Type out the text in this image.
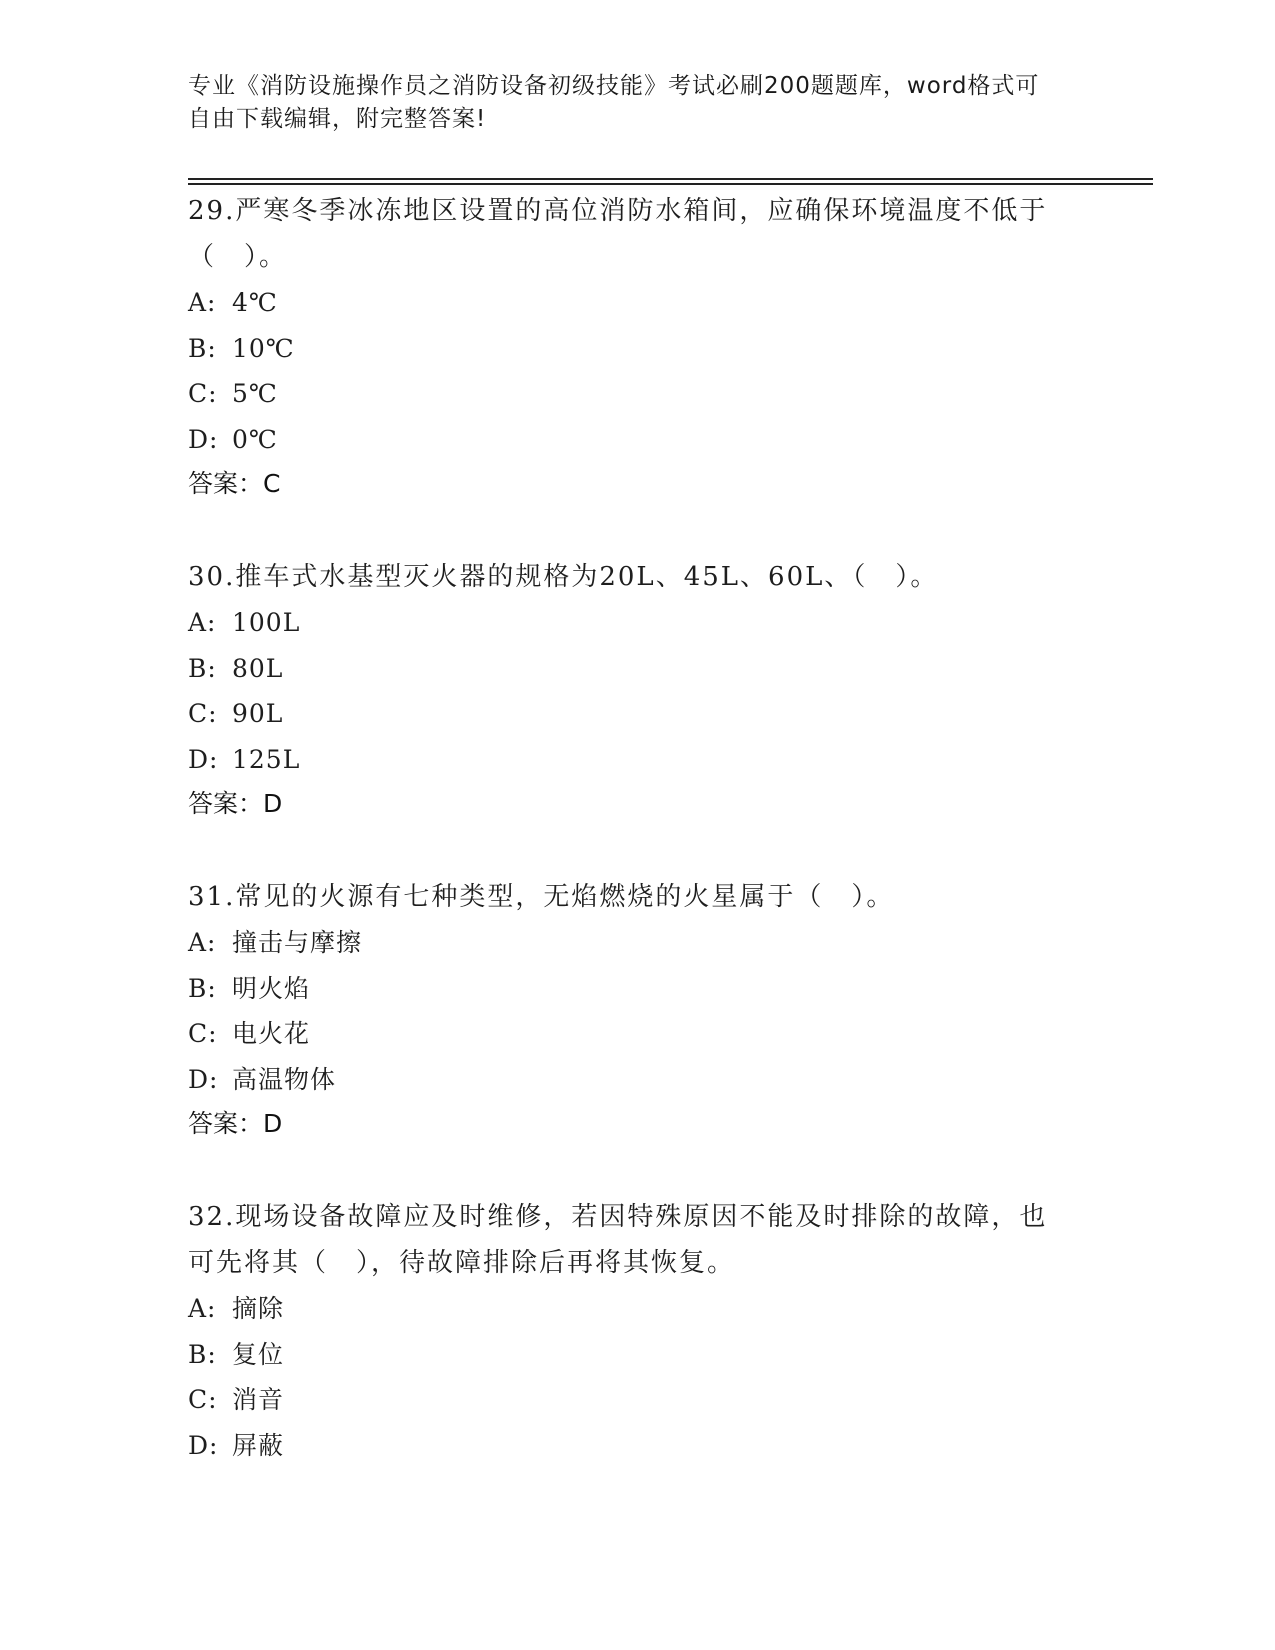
专业《消防设施操作员之消防设备初级技能》考试必刷200题题库，word格式可
自由下载编辑，附完整答案!
29.严寒冬季冰冻地区设置的高位消防水箱间，应确保环境温度不低于
（　）。
A: 4℃
B: 10℃
C: 5℃
D: 0℃
答案：C
30.推车式水基型灭火器的规格为20L、45L、60L、（　）。
A: 100L
B: 80L
C: 90L
D: 125L
答案：D
31.常见的火源有七种类型，无焰燃烧的火星属于（　）。
A: 撞击与摩擦
B: 明火焰
C: 电火花
D: 高温物体
答案：D
32.现场设备故障应及时维修，若因特殊原因不能及时排除的故障，也
可先将其（　），待故障排除后再将其恢复。
A: 摘除
B: 复位
C: 消音
D: 屏蔽
